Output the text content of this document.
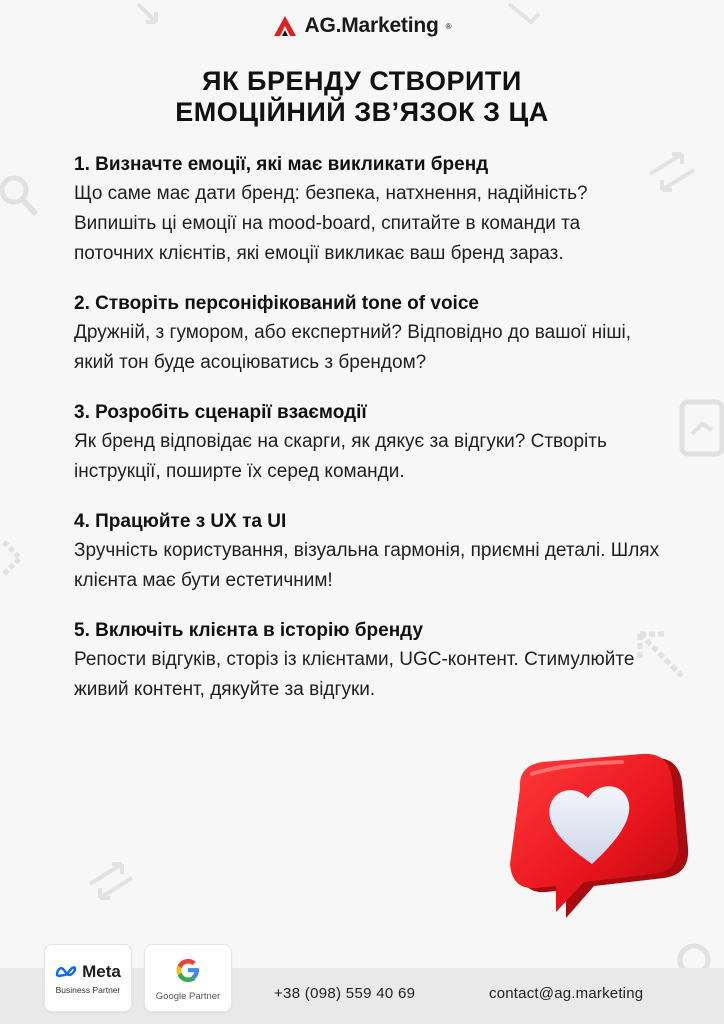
AG.Marketing ®
ЯК БРЕНДУ СТВОРИТИ
ЕМОЦІЙНИЙ ЗВ’ЯЗОК З ЦА
1. Визначте емоції, які має викликати бренд

Що саме має дати бренд: безпека, натхнення, надійність? Випишіть ці емоції на mood-board, спитайте в команди та поточних клієнтів, які емоції викликає ваш бренд зараз.

2. Створіть персоніфікований tone of voice

Дружній, з гумором, або експертний? Відповідно до вашої ніші, який тон буде асоціюватись з брендом?

3. Розробіть сценарії взаємодії

Як бренд відповідає на скарги, як дякує за відгуки? Створіть інструкції, поширте їх серед команди.

4. Працюйте з UX та UI

Зручність користування, візуальна гармонія, приємні деталі. Шлях клієнта має бути естетичним!

5. Включіть клієнта в історію бренду

Репости відгуків, сторіз із клієнтами, UGC-контент. Стимулюйте живий контент, дякуйте за відгуки.

Meta
Business Partner
Google Partner	+38 (098) 559 40 69	contact@ag.marketing
